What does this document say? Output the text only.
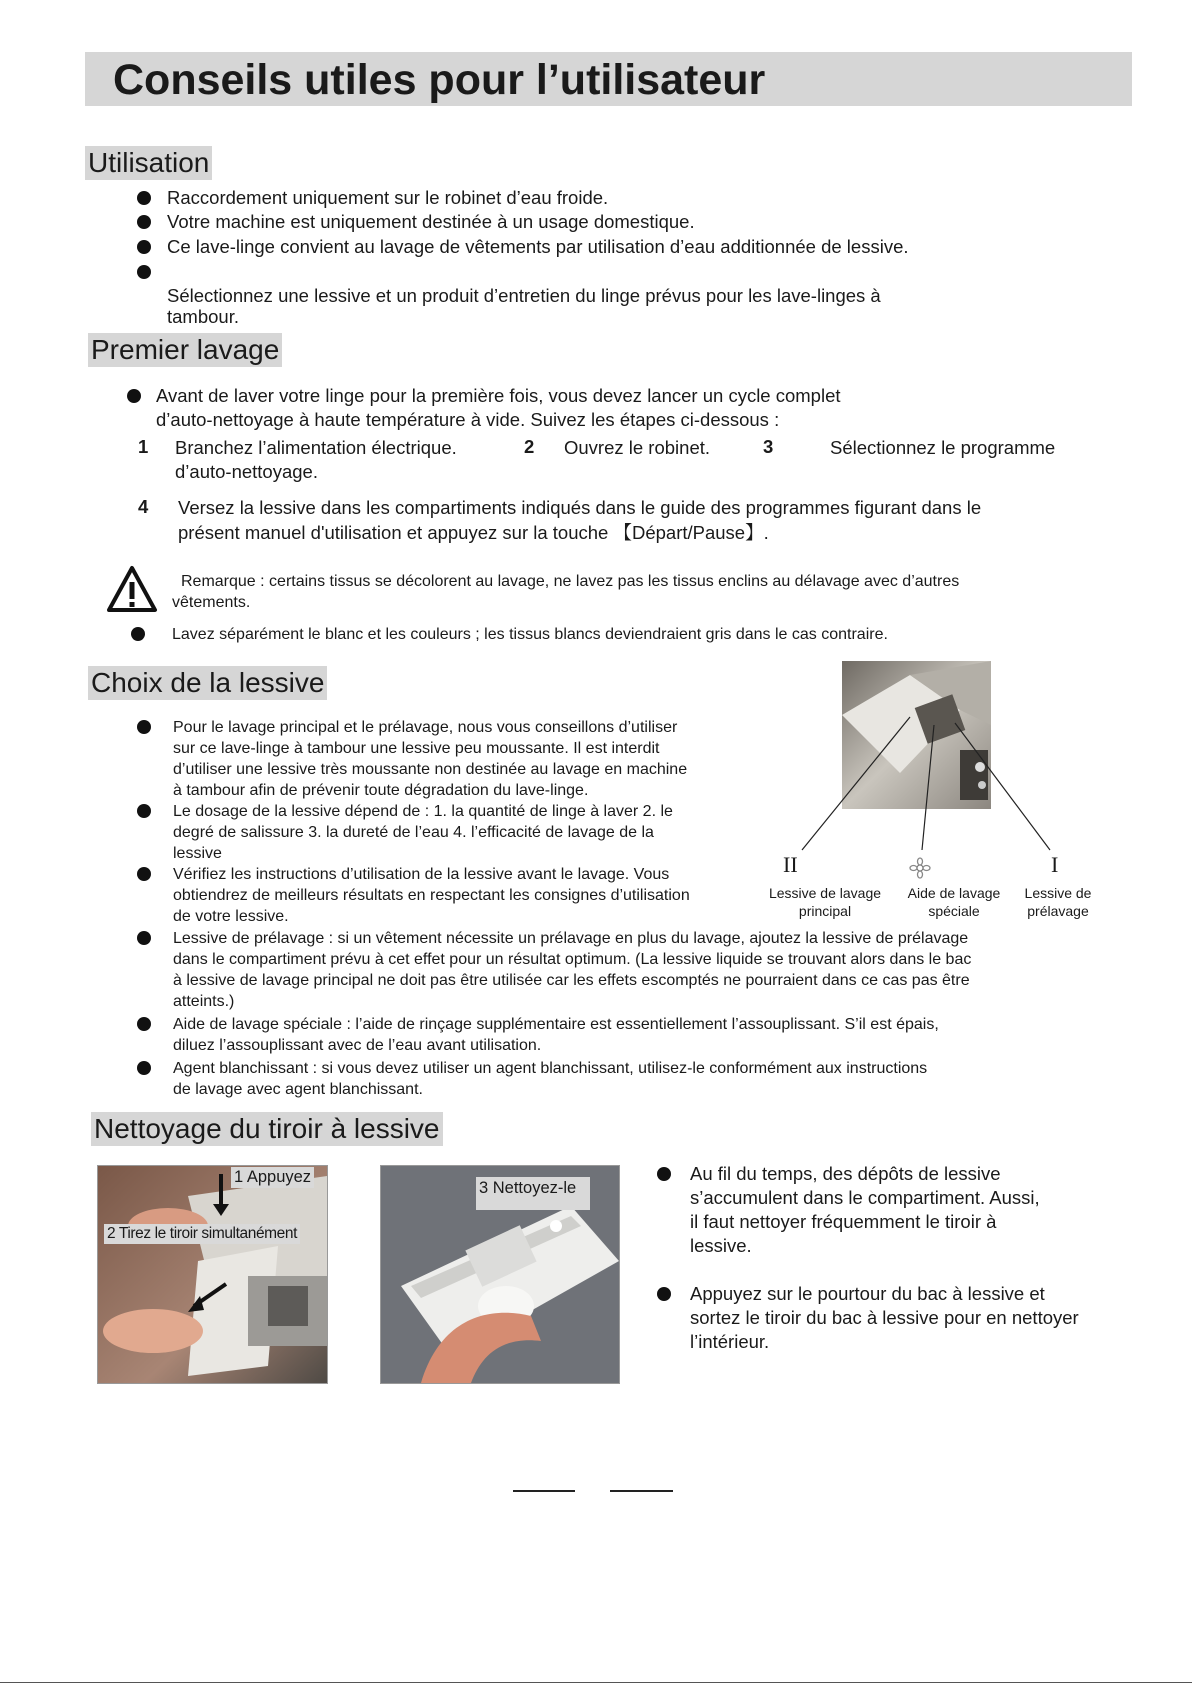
Conseils utiles pour l’utilisateur
Utilisation
Raccordement uniquement sur le robinet d’eau froide.
Votre machine est uniquement destinée à un usage domestique.
Ce lave-linge convient au lavage de vêtements par utilisation d’eau additionnée de lessive.
Sélectionnez une lessive et un produit d’entretien du linge prévus pour les lave-linges à
tambour.
Premier lavage
Avant de laver votre linge pour la première fois, vous devez lancer un cycle complet
d’auto-nettoyage à haute température à vide. Suivez les étapes ci-dessous :
1 Branchez l’alimentation électrique.	2 Ouvrez le robinet.	3	Sélectionnez le programme
d’auto-nettoyage.
4 Versez la lessive dans les compartiments indiqués dans le guide des programmes figurant dans le
présent manuel d'utilisation et appuyez sur la touche 【Départ/Pause】.
Remarque : certains tissus se décolorent au lavage, ne lavez pas les tissus enclins au délavage avec d’autres
vêtements.
Lavez séparément le blanc et les couleurs ; les tissus blancs deviendraient gris dans le cas contraire.
Choix de la lessive
Pour le lavage principal et le prélavage, nous vous conseillons d’utiliser
sur ce lave-linge à tambour une lessive peu moussante. Il est interdit
d’utiliser une lessive très moussante non destinée au lavage en machine
à tambour afin de prévenir toute dégradation du lave-linge.
Le dosage de la lessive dépend de : 1. la quantité de linge à laver 2. le
degré de salissure 3. la dureté de l’eau 4. l’efficacité de lavage de la
lessive
Vérifiez les instructions d’utilisation de la lessive avant le lavage. Vous
obtiendrez de meilleurs résultats en respectant les consignes d’utilisation
de votre lessive.
Lessive de prélavage : si un vêtement nécessite un prélavage en plus du lavage, ajoutez la lessive de prélavage
dans le compartiment prévu à cet effet pour un résultat optimum. (La lessive liquide se trouvant alors dans le bac
à lessive de lavage principal ne doit pas être utilisée car les effets escomptés ne pourraient dans ce cas pas être
atteints.)
Aide de lavage spéciale : l’aide de rinçage supplémentaire est essentiellement l’assouplissant. S’il est épais,
diluez l’assouplissant avec de l’eau avant utilisation.
Agent blanchissant : si vous devez utiliser un agent blanchissant, utilisez-le conformément aux instructions
de lavage avec agent blanchissant.
II	I
Lessive de lavage
principal
Aide de lavage
spéciale
Lessive de
prélavage
Nettoyage du tiroir à lessive
1 Appuyez
2 Tirez le tiroir simultanément
3 Nettoyez-le
Au fil du temps, des dépôts de lessive
s’accumulent dans le compartiment. Aussi,
il faut nettoyer fréquemment le tiroir à
lessive.
Appuyez sur le pourtour du bac à lessive et
sortez le tiroir du bac à lessive pour en nettoyer
l’intérieur.
